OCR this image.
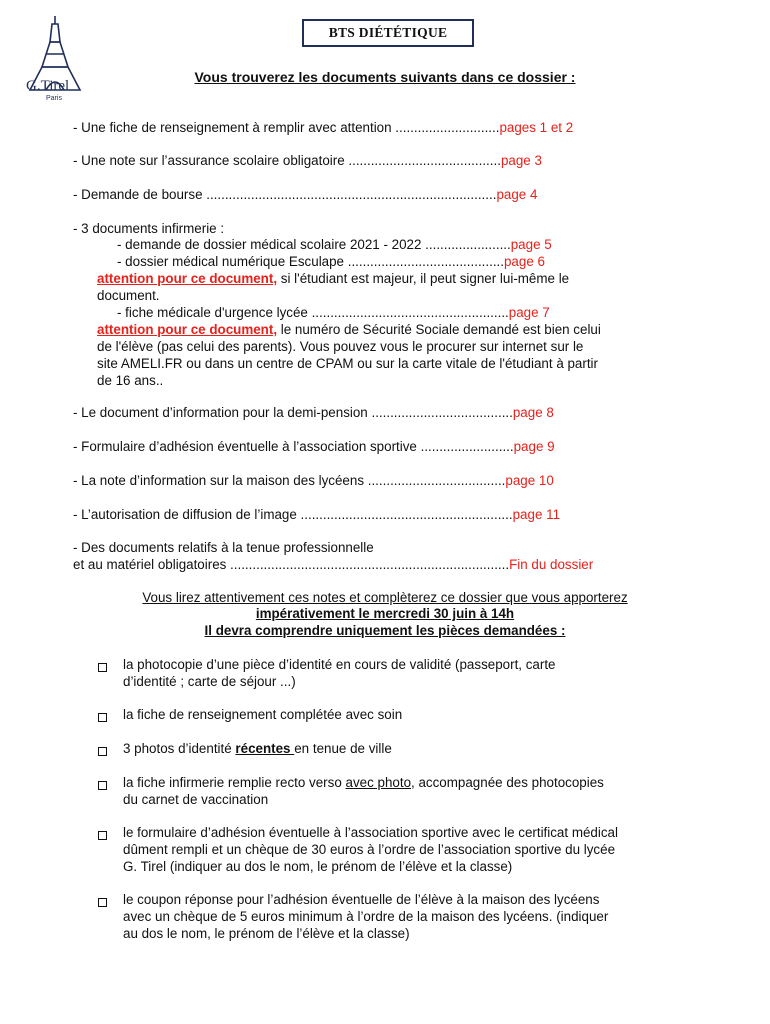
G.Tirel
Paris
BTS DIÉTÉTIQUE
Vous trouverez les documents suivants dans ce dossier :
- Une fiche de renseignement à remplir avec attention ............................pages 1 et 2
- Une note sur l’assurance scolaire obligatoire .........................................page 3
- Demande de bourse ..............................................................................page 4
- 3 documents infirmerie :
- demande de dossier médical scolaire 2021 - 2022 .......................page 5
- dossier médical numérique Esculape ..........................................page 6
attention pour ce document, si l'étudiant est majeur, il peut signer lui-même le
document.
- fiche médicale d'urgence lycée .....................................................page 7
attention pour ce document, le numéro de Sécurité Sociale demandé est bien celui
de l'élève (pas celui des parents). Vous pouvez vous le procurer sur internet sur le
site AMELI.FR ou dans un centre de CPAM ou sur la carte vitale de l'étudiant à partir
de 16 ans..
- Le document d’information pour la demi-pension ......................................page 8
- Formulaire d’adhésion éventuelle à l’association sportive .........................page 9
- La note d’information sur la maison des lycéens .....................................page 10
- L’autorisation de diffusion de l’image .........................................................page 11
- Des documents relatifs à la tenue professionnelle
et au matériel obligatoires ...........................................................................Fin du dossier
Vous lirez attentivement ces notes et complèterez ce dossier que vous apporterez
impérativement le mercredi 30 juin à 14h
Il devra comprendre uniquement les pièces demandées :
la photocopie d’une pièce d’identité en cours de validité (passeport, carte
d’identité ; carte de séjour ...)
la fiche de renseignement complétée avec soin
3 photos d’identité récentes en tenue de ville
la fiche infirmerie remplie recto verso avec photo, accompagnée des photocopies
du carnet de vaccination
le formulaire d’adhésion éventuelle à l’association sportive avec le certificat médical
dûment rempli et un chèque de 30 euros à l’ordre de l’association sportive du lycée
G. Tirel (indiquer au dos le nom, le prénom de l’élève et la classe)
le coupon réponse pour l’adhésion éventuelle de l’élève à la maison des lycéens
avec un chèque de 5 euros minimum à l’ordre de la maison des lycéens. (indiquer
au dos le nom, le prénom de l’élève et la classe)
